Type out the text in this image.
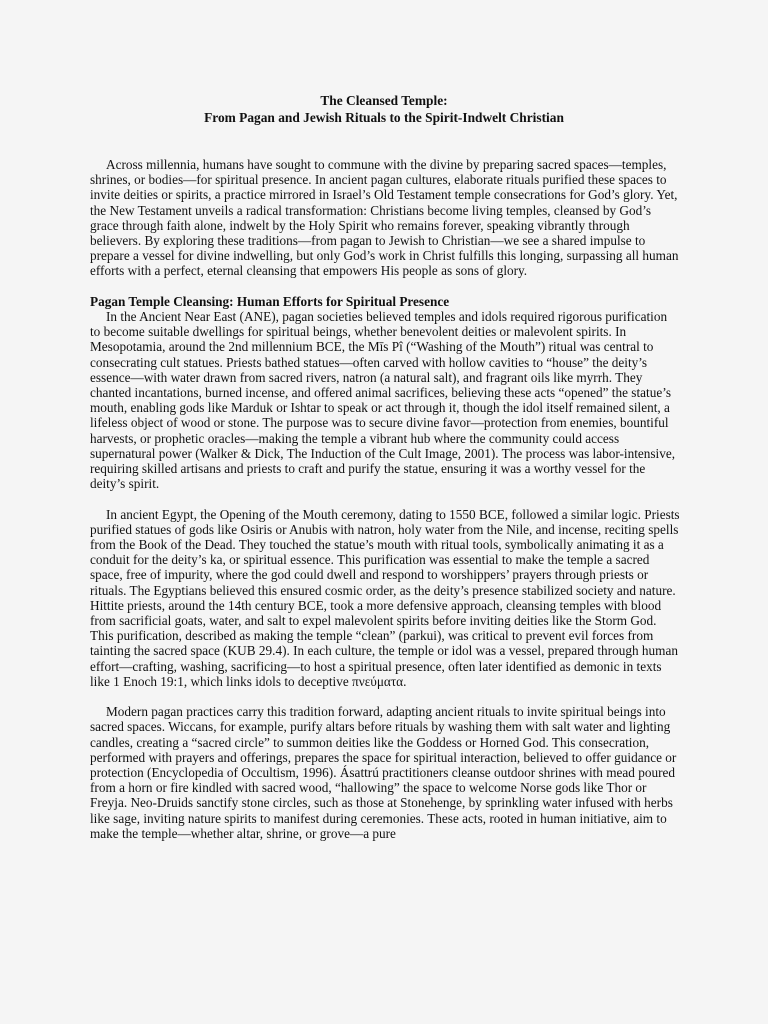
The Cleansed Temple:
From Pagan and Jewish Rituals to the Spirit-Indwelt Christian

Across millennia, humans have sought to commune with the divine by preparing sacred spaces—temples, shrines, or bodies—for spiritual presence. In ancient pagan cultures, elaborate rituals purified these spaces to invite deities or spirits, a practice mirrored in Israel’s Old Testament temple consecrations for God’s glory. Yet, the New Testament unveils a radical transformation: Christians become living temples, cleansed by God’s grace through faith alone, indwelt by the Holy Spirit who remains forever, speaking vibrantly through believers. By exploring these traditions—from pagan to Jewish to Christian—we see a shared impulse to prepare a vessel for divine indwelling, but only God’s work in Christ fulfills this longing, surpassing all human efforts with a perfect, eternal cleansing that empowers His people as sons of glory.

Pagan Temple Cleansing: Human Efforts for Spiritual Presence

In the Ancient Near East (ANE), pagan societies believed temples and idols required rigorous purification to become suitable dwellings for spiritual beings, whether benevolent deities or malevolent spirits. In Mesopotamia, around the 2nd millennium BCE, the Mīs Pî (“Washing of the Mouth”) ritual was central to consecrating cult statues. Priests bathed statues—often carved with hollow cavities to “house” the deity’s essence—with water drawn from sacred rivers, natron (a natural salt), and fragrant oils like myrrh. They chanted incantations, burned incense, and offered animal sacrifices, believing these acts “opened” the statue’s mouth, enabling gods like Marduk or Ishtar to speak or act through it, though the idol itself remained silent, a lifeless object of wood or stone. The purpose was to secure divine favor—protection from enemies, bountiful harvests, or prophetic oracles—making the temple a vibrant hub where the community could access supernatural power (Walker & Dick, The Induction of the Cult Image, 2001). The process was labor-intensive, requiring skilled artisans and priests to craft and purify the statue, ensuring it was a worthy vessel for the deity’s spirit.

In ancient Egypt, the Opening of the Mouth ceremony, dating to 1550 BCE, followed a similar logic. Priests purified statues of gods like Osiris or Anubis with natron, holy water from the Nile, and incense, reciting spells from the Book of the Dead. They touched the statue’s mouth with ritual tools, symbolically animating it as a conduit for the deity’s ka, or spiritual essence. This purification was essential to make the temple a sacred space, free of impurity, where the god could dwell and respond to worshippers’ prayers through priests or rituals. The Egyptians believed this ensured cosmic order, as the deity’s presence stabilized society and nature. Hittite priests, around the 14th century BCE, took a more defensive approach, cleansing temples with blood from sacrificial goats, water, and salt to expel malevolent spirits before inviting deities like the Storm God. This purification, described as making the temple “clean” (parkui), was critical to prevent evil forces from tainting the sacred space (KUB 29.4). In each culture, the temple or idol was a vessel, prepared through human effort—crafting, washing, sacrificing—to host a spiritual presence, often later identified as demonic in texts like 1 Enoch 19:1, which links idols to deceptive πνεύματα.

Modern pagan practices carry this tradition forward, adapting ancient rituals to invite spiritual beings into sacred spaces. Wiccans, for example, purify altars before rituals by washing them with salt water and lighting candles, creating a “sacred circle” to summon deities like the Goddess or Horned God. This consecration, performed with prayers and offerings, prepares the space for spiritual interaction, believed to offer guidance or protection (Encyclopedia of Occultism, 1996). Ásattrú practitioners cleanse outdoor shrines with mead poured from a horn or fire kindled with sacred wood, “hallowing” the space to welcome Norse gods like Thor or Freyja. Neo-Druids sanctify stone circles, such as those at Stonehenge, by sprinkling water infused with herbs like sage, inviting nature spirits to manifest during ceremonies. These acts, rooted in human initiative, aim to make the temple—whether altar, shrine, or grove—a pure
